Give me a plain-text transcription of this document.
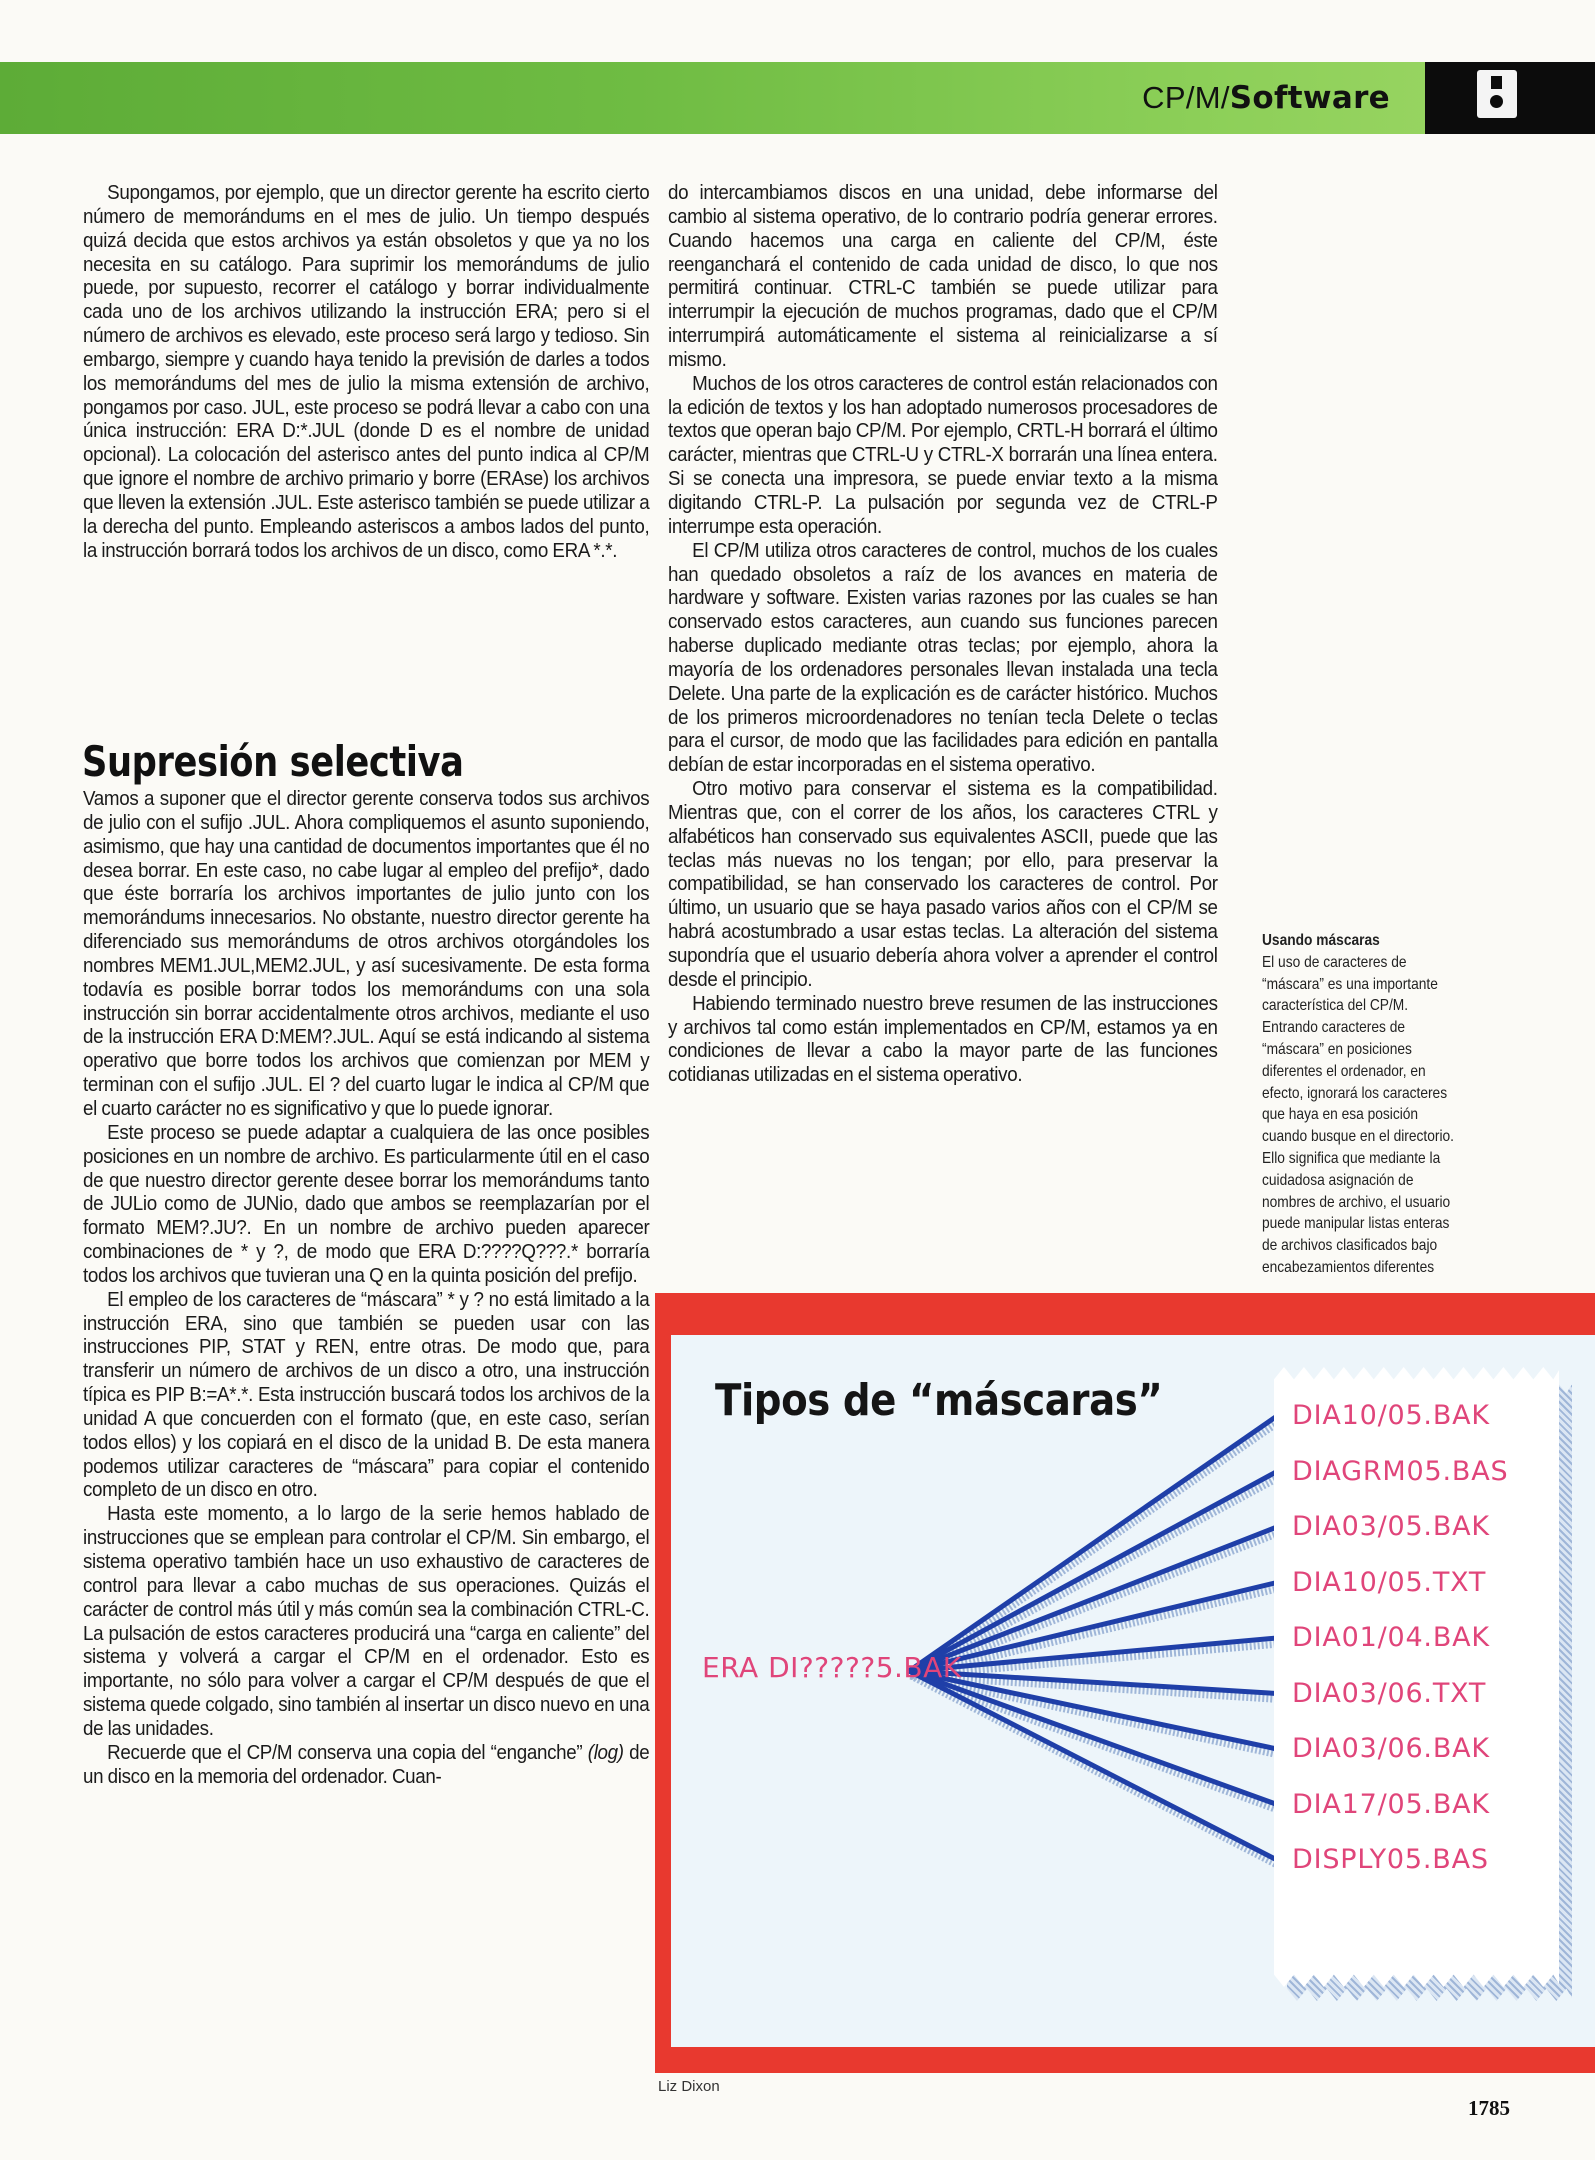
CP/M/Software

Supongamos, por ejemplo, que un director gerente ha escrito cierto número de memorándums en el mes de julio. Un tiempo después quizá decida que estos archivos ya están obsoletos y que ya no los necesita en su catálogo. Para suprimir los memorándums de julio puede, por supuesto, recorrer el catálogo y borrar individualmente cada uno de los archivos utilizando la instrucción ERA; pero si el número de archivos es elevado, este proceso será largo y tedioso. Sin embargo, siempre y cuando haya tenido la previsión de darles a todos los memorándums del mes de julio la misma extensión de archivo, pongamos por caso. JUL, este proceso se podrá llevar a cabo con una única instrucción: ERA D:*.JUL (donde D es el nombre de unidad opcional). La colocación del asterisco antes del punto indica al CP/M que ignore el nombre de archivo primario y borre (ERAse) los archivos que lleven la extensión .JUL. Este asterisco también se puede utilizar a la derecha del punto. Empleando asteriscos a ambos lados del punto, la instrucción borrará todos los archivos de un disco, como ERA *.*.

Supresión selectiva

Vamos a suponer que el director gerente conserva todos sus archivos de julio con el sufijo .JUL. Ahora compliquemos el asunto suponiendo, asimismo, que hay una cantidad de documentos importantes que él no desea borrar. En este caso, no cabe lugar al empleo del prefijo*, dado que éste borraría los archivos importantes de julio junto con los memorándums innecesarios. No obstante, nuestro director gerente ha diferenciado sus memorándums de otros archivos otorgándoles los nombres MEM1.JUL,MEM2.JUL, y así sucesivamente. De esta forma todavía es posible borrar todos los memorándums con una sola instrucción sin borrar accidentalmente otros archivos, mediante el uso de la instrucción ERA D:MEM?.JUL. Aquí se está indicando al sistema operativo que borre todos los archivos que comienzan por MEM y terminan con el sufijo .JUL. El ? del cuarto lugar le indica al CP/M que el cuarto carácter no es significativo y que lo puede ignorar.

Este proceso se puede adaptar a cualquiera de las once posibles posiciones en un nombre de archivo. Es particularmente útil en el caso de que nuestro director gerente desee borrar los memorándums tanto de JULio como de JUNio, dado que ambos se reemplazarían por el formato MEM?.JU?. En un nombre de archivo pueden aparecer combinaciones de * y ?, de modo que ERA D:????Q???.* borraría todos los archivos que tuvieran una Q en la quinta posición del prefijo.

El empleo de los caracteres de “máscara” * y ? no está limitado a la instrucción ERA, sino que también se pueden usar con las instrucciones PIP, STAT y REN, entre otras. De modo que, para transferir un número de archivos de un disco a otro, una instrucción típica es PIP B:=A*.*. Esta instrucción buscará todos los archivos de la unidad A que concuerden con el formato (que, en este caso, serían todos ellos) y los copiará en el disco de la unidad B. De esta manera podemos utilizar caracteres de “máscara” para copiar el contenido completo de un disco en otro.

Hasta este momento, a lo largo de la serie hemos hablado de instrucciones que se emplean para controlar el CP/M. Sin embargo, el sistema operativo también hace un uso exhaustivo de caracteres de control para llevar a cabo muchas de sus operaciones. Quizás el carácter de control más útil y más común sea la combinación CTRL-C. La pulsación de estos caracteres producirá una “carga en caliente” del sistema y volverá a cargar el CP/M en el ordenador. Esto es importante, no sólo para volver a cargar el CP/M después de que el sistema quede colgado, sino también al insertar un disco nuevo en una de las unidades.

Recuerde que el CP/M conserva una copia del “enganche” (log) de un disco en la memoria del ordenador. Cuan-

do intercambiamos discos en una unidad, debe informarse del cambio al sistema operativo, de lo contrario podría generar errores. Cuando hacemos una carga en caliente del CP/M, éste reenganchará el contenido de cada unidad de disco, lo que nos permitirá continuar. CTRL-C también se puede utilizar para interrumpir la ejecución de muchos programas, dado que el CP/M interrumpirá automáticamente el sistema al reinicializarse a sí mismo.

Muchos de los otros caracteres de control están relacionados con la edición de textos y los han adoptado numerosos procesadores de textos que operan bajo CP/M. Por ejemplo, CRTL-H borrará el último carácter, mientras que CTRL-U y CTRL-X borrarán una línea entera. Si se conecta una impresora, se puede enviar texto a la misma digitando CTRL-P. La pulsación por segunda vez de CTRL-P interrumpe esta operación.

El CP/M utiliza otros caracteres de control, muchos de los cuales han quedado obsoletos a raíz de los avances en materia de hardware y software. Existen varias razones por las cuales se han conservado estos caracteres, aun cuando sus funciones parecen haberse duplicado mediante otras teclas; por ejemplo, ahora la mayoría de los ordenadores personales llevan instalada una tecla Delete. Una parte de la explicación es de carácter histórico. Muchos de los primeros microordenadores no tenían tecla Delete o teclas para el cursor, de modo que las facilidades para edición en pantalla debían de estar incorporadas en el sistema operativo.

Otro motivo para conservar el sistema es la compatibilidad. Mientras que, con el correr de los años, los caracteres CTRL y alfabéticos han conservado sus equivalentes ASCII, puede que las teclas más nuevas no los tengan; por ello, para preservar la compatibilidad, se han conservado los caracteres de control. Por último, un usuario que se haya pasado varios años con el CP/M se habrá acostumbrado a usar estas teclas. La alteración del sistema supondría que el usuario debería ahora volver a aprender el control desde el principio.

Habiendo terminado nuestro breve resumen de las instrucciones y archivos tal como están implementados en CP/M, estamos ya en condiciones de llevar a cabo la mayor parte de las funciones cotidianas utilizadas en el sistema operativo.

Usando máscaras
El uso de caracteres de “máscara” es una importante característica del CP/M. Entrando caracteres de “máscara” en posiciones diferentes el ordenador, en efecto, ignorará los caracteres que haya en esa posición cuando busque en el directorio. Ello significa que mediante la cuidadosa asignación de nombres de archivo, el usuario puede manipular listas enteras de archivos clasificados bajo encabezamientos diferentes
Tipos de “máscaras”
ERA DI?????5.BAK
DIA10/05.BAK
DIAGRM05.BAS
DIA03/05.BAK
DIA10/05.TXT
DIA01/04.BAK
DIA03/06.TXT
DIA03/06.BAK
DIA17/05.BAK
DISPLY05.BAS
Liz Dixon
1785
